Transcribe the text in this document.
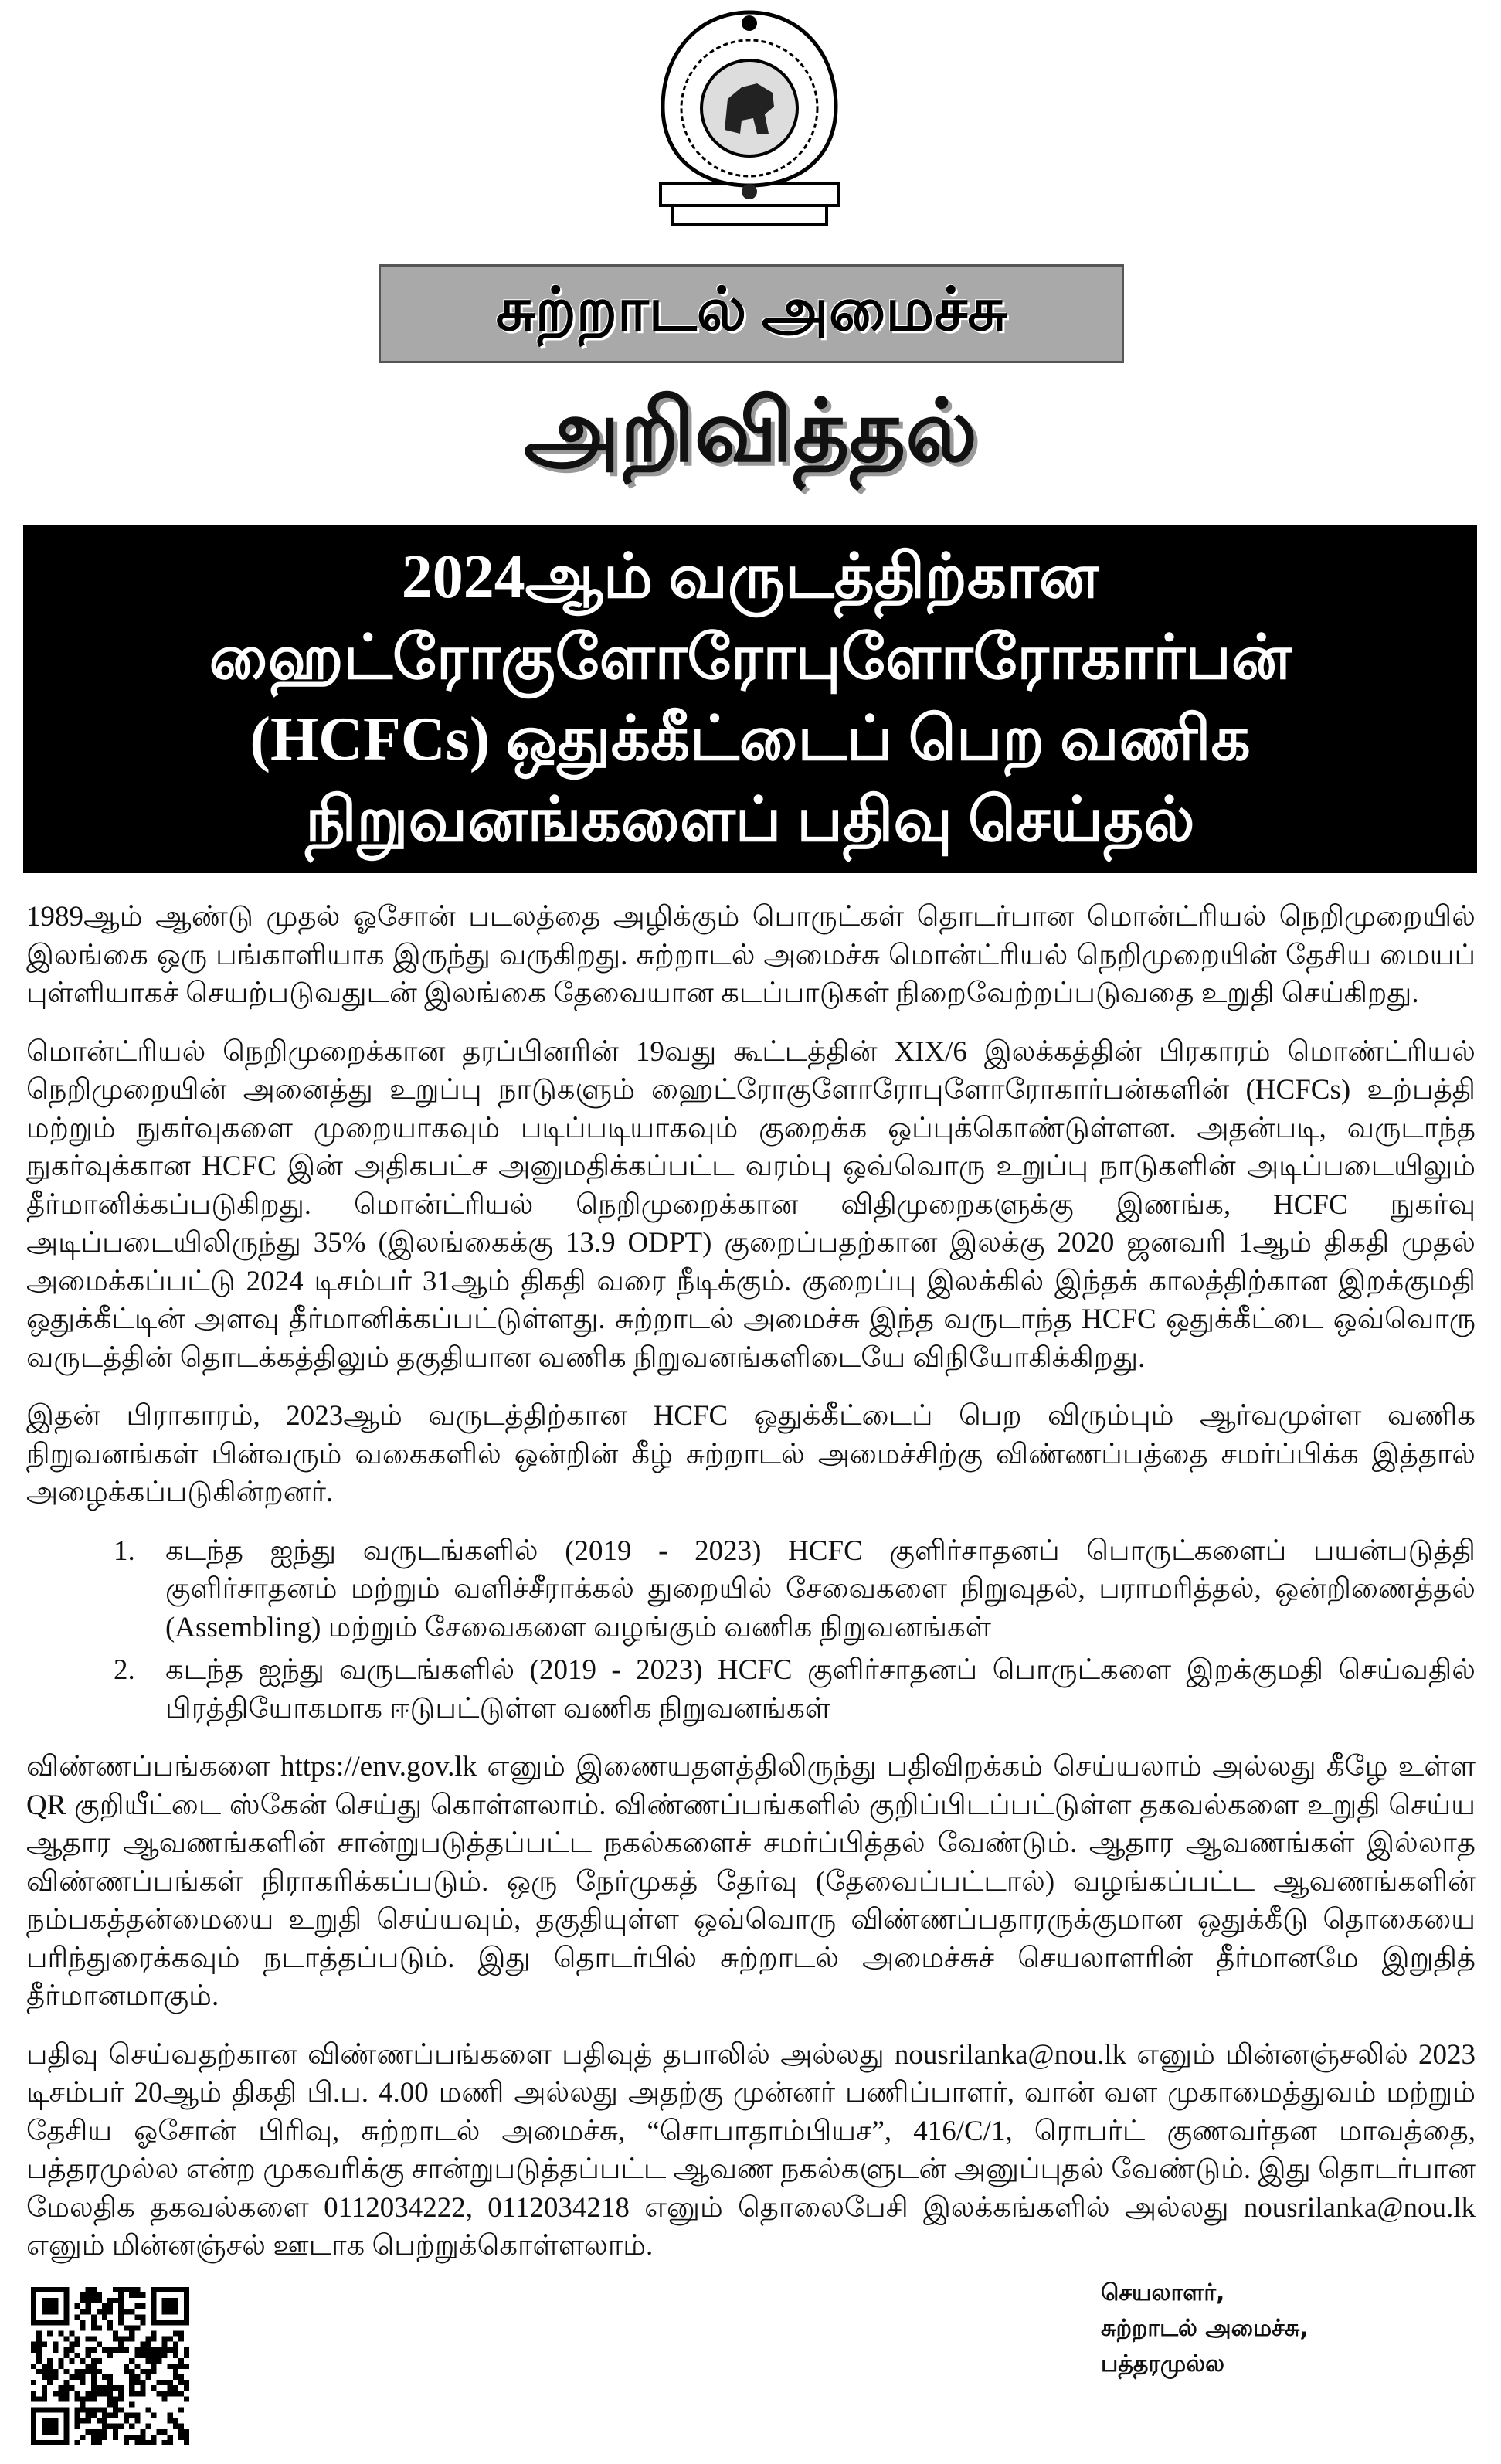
சுற்றாடல் அமைச்சு
அறிவித்தல்
2024ஆம் வருடத்திற்கான
ஹைட்ரோகுளோரோபுளோரோகார்பன்
(HCFCs) ஒதுக்கீட்டைப் பெற வணிக
நிறுவனங்களைப் பதிவு செய்தல்

1989ஆம் ஆண்டு முதல் ஓசோன் படலத்தை அழிக்கும் பொருட்கள் தொடர்பான மொன்ட்ரியல் நெறிமுறையில் இலங்கை ஒரு பங்காளியாக இருந்து வருகிறது. சுற்றாடல் அமைச்சு மொன்ட்ரியல் நெறிமுறையின் தேசிய மையப் புள்ளியாகச் செயற்படுவதுடன் இலங்கை தேவையான கடப்பாடுகள் நிறைவேற்றப்படுவதை உறுதி செய்கிறது.

மொன்ட்ரியல் நெறிமுறைக்கான தரப்பினரின் 19வது கூட்டத்தின் XIX/6 இலக்கத்தின் பிரகாரம் மொண்ட்ரியல் நெறிமுறையின் அனைத்து உறுப்பு நாடுகளும் ஹைட்ரோகுளோரோபுளோரோகார்பன்களின் (HCFCs) உற்பத்தி மற்றும் நுகர்வுகளை முறையாகவும் படிப்படியாகவும் குறைக்க ஒப்புக்கொண்டுள்ளன. அதன்படி, வருடாந்த நுகர்வுக்கான HCFC இன் அதிகபட்ச அனுமதிக்கப்பட்ட வரம்பு ஒவ்வொரு உறுப்பு நாடுகளின் அடிப்படையிலும் தீர்மானிக்கப்படுகிறது. மொன்ட்ரியல் நெறிமுறைக்கான விதிமுறைகளுக்கு இணங்க, HCFC நுகர்வு அடிப்படையிலிருந்து 35% (இலங்கைக்கு 13.9 ODPT) குறைப்பதற்கான இலக்கு 2020 ஜனவரி 1ஆம் திகதி முதல் அமைக்கப்பட்டு 2024 டிசம்பர் 31ஆம் திகதி வரை நீடிக்கும். குறைப்பு இலக்கில் இந்தக் காலத்திற்கான இறக்குமதி ஒதுக்கீட்டின் அளவு தீர்மானிக்கப்பட்டுள்ளது. சுற்றாடல் அமைச்சு இந்த வருடாந்த HCFC ஒதுக்கீட்டை ஒவ்வொரு வருடத்தின் தொடக்கத்திலும் தகுதியான வணிக நிறுவனங்களிடையே விநியோகிக்கிறது.

இதன் பிராகாரம், 2023ஆம் வருடத்திற்கான HCFC ஒதுக்கீட்டைப் பெற விரும்பும் ஆர்வமுள்ள வணிக நிறுவனங்கள் பின்வரும் வகைகளில் ஒன்றின் கீழ் சுற்றாடல் அமைச்சிற்கு விண்ணப்பத்தை சமர்ப்பிக்க இத்தால் அழைக்கப்படுகின்றனர்.

1. கடந்த ஐந்து வருடங்களில் (2019 - 2023) HCFC குளிர்சாதனப் பொருட்களைப் பயன்படுத்தி குளிர்சாதனம் மற்றும் வளிச்சீராக்கல் துறையில் சேவைகளை நிறுவுதல், பராமரித்தல், ஒன்றிணைத்தல் (Assembling) மற்றும் சேவைகளை வழங்கும் வணிக நிறுவனங்கள்
2. கடந்த ஐந்து வருடங்களில் (2019 - 2023) HCFC குளிர்சாதனப் பொருட்களை இறக்குமதி செய்வதில் பிரத்தியோகமாக ஈடுபட்டுள்ள வணிக நிறுவனங்கள்

விண்ணப்பங்களை https://env.gov.lk எனும் இணையதளத்திலிருந்து பதிவிறக்கம் செய்யலாம் அல்லது கீழே உள்ள QR குறியீட்டை ஸ்கேன் செய்து கொள்ளலாம். விண்ணப்பங்களில் குறிப்பிடப்பட்டுள்ள தகவல்களை உறுதி செய்ய ஆதார ஆவணங்களின் சான்றுபடுத்தப்பட்ட நகல்களைச் சமர்ப்பித்தல் வேண்டும். ஆதார ஆவணங்கள் இல்லாத விண்ணப்பங்கள் நிராகரிக்கப்படும். ஒரு நேர்முகத் தேர்வு (தேவைப்பட்டால்) வழங்கப்பட்ட ஆவணங்களின் நம்பகத்தன்மையை உறுதி செய்யவும், தகுதியுள்ள ஒவ்வொரு விண்ணப்பதாரருக்குமான ஒதுக்கீடு தொகையை பரிந்துரைக்கவும் நடாத்தப்படும். இது தொடர்பில் சுற்றாடல் அமைச்சுச் செயலாளரின் தீர்மானமே இறுதித் தீர்மானமாகும்.

பதிவு செய்வதற்கான விண்ணப்பங்களை பதிவுத் தபாலில் அல்லது nousrilanka@nou.lk எனும் மின்னஞ்சலில் 2023 டிசம்பர் 20ஆம் திகதி பி.ப. 4.00 மணி அல்லது அதற்கு முன்னர் பணிப்பாளர், வான் வள முகாமைத்துவம் மற்றும் தேசிய ஓசோன் பிரிவு, சுற்றாடல் அமைச்சு, “சொபாதாம்பியச”, 416/C/1, ரொபர்ட் குணவர்தன மாவத்தை, பத்தரமுல்ல என்ற முகவரிக்கு சான்றுபடுத்தப்பட்ட ஆவண நகல்களுடன் அனுப்புதல் வேண்டும். இது தொடர்பான மேலதிக தகவல்களை 0112034222, 0112034218 எனும் தொலைபேசி இலக்கங்களில் அல்லது nousrilanka@nou.lk எனும் மின்னஞ்சல் ஊடாக பெற்றுக்கொள்ளலாம்.

செயலாளர்,
சுற்றாடல் அமைச்சு,
பத்தரமுல்ல
